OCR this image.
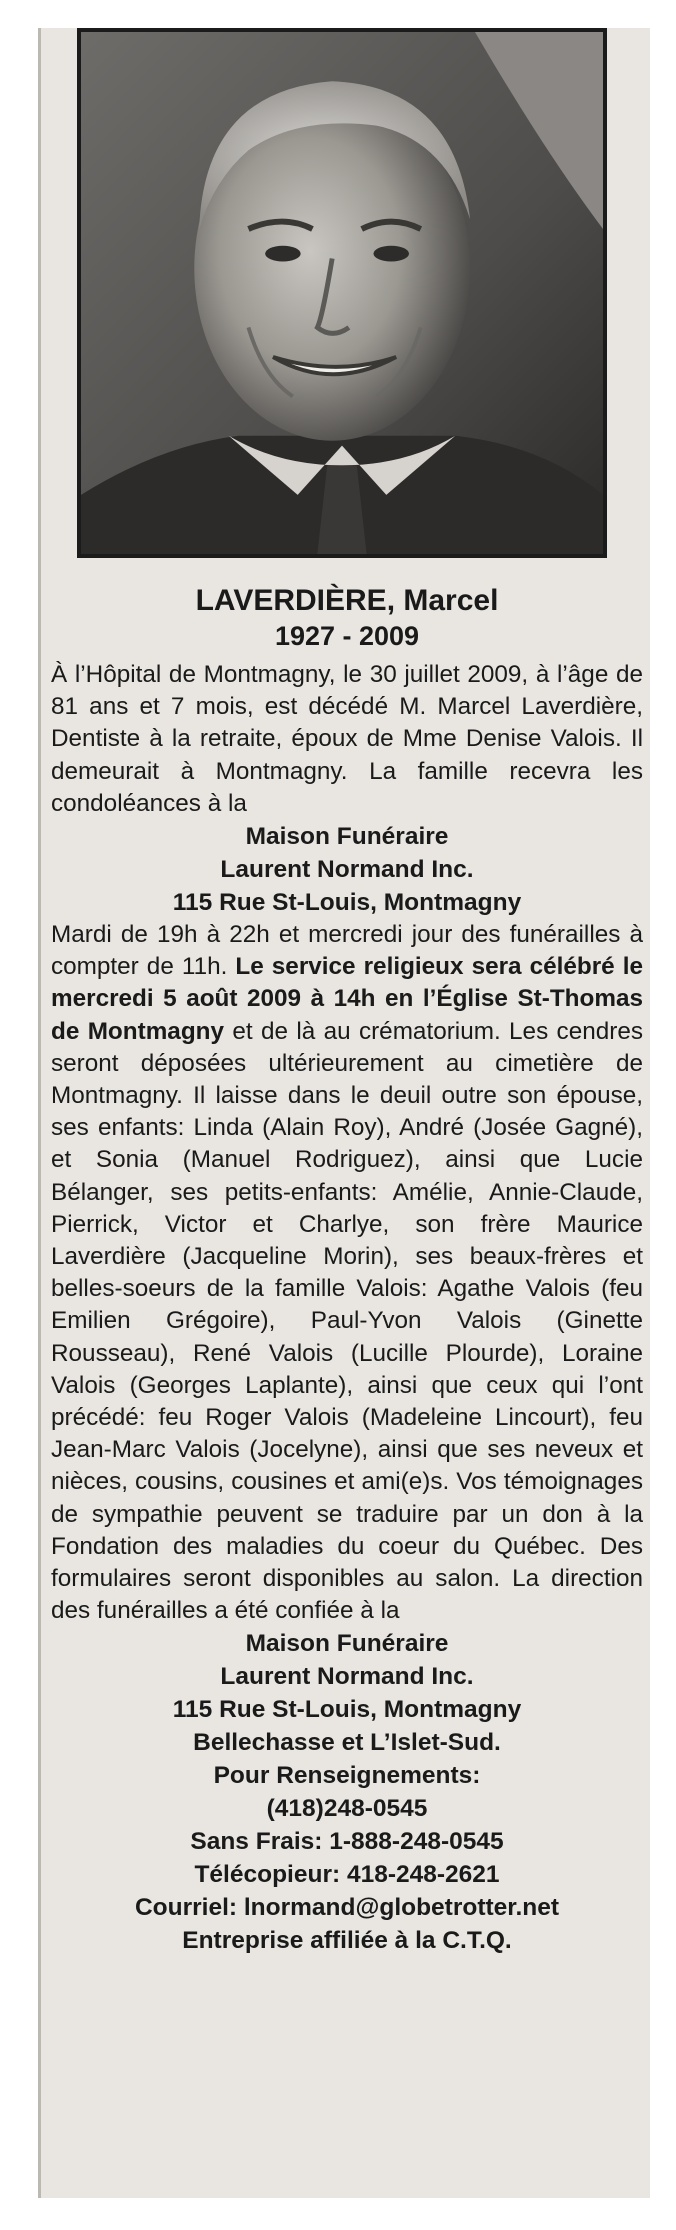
LAVERDIÈRE, Marcel

1927 - 2009

À l’Hôpital de Montmagny, le 30 juillet 2009, à l’âge de 81 ans et 7 mois, est décédé M. Marcel Laverdière, Dentiste à la retraite, époux de Mme Denise Valois. Il demeurait à Montmagny. La famille recevra les condoléances à la

Maison Funéraire

Laurent Normand Inc.

115 Rue St-Louis, Montmagny

Mardi de 19h à 22h et mercredi jour des funérailles à compter de 11h. Le service religieux sera célébré le mercredi 5 août 2009 à 14h en l’Église St-Thomas de Montmagny et de là au crématorium. Les cendres seront déposées ultérieurement au cimetière de Montmagny. Il laisse dans le deuil outre son épouse, ses enfants: Linda (Alain Roy), André (Josée Gagné), et Sonia (Manuel Rodriguez), ainsi que Lucie Bélanger, ses petits-enfants: Amélie, Annie-Claude, Pierrick, Victor et Charlye, son frère Maurice Laverdière (Jacqueline Morin), ses beaux-frères et belles-soeurs de la famille Valois: Agathe Valois (feu Emilien Grégoire), Paul-Yvon Valois (Ginette Rousseau), René Valois (Lucille Plourde), Loraine Valois (Georges Laplante), ainsi que ceux qui l’ont précédé: feu Roger Valois (Madeleine Lincourt), feu Jean-Marc Valois (Jocelyne), ainsi que ses neveux et nièces, cousins, cousines et ami(e)s. Vos témoignages de sympathie peuvent se traduire par un don à la Fondation des maladies du coeur du Québec. Des formulaires seront disponibles au salon. La direction des funérailles a été confiée à la

Maison Funéraire

Laurent Normand Inc.

115 Rue St-Louis, Montmagny

Bellechasse et L’Islet-Sud.

Pour Renseignements:

(418)248-0545

Sans Frais: 1-888-248-0545

Télécopieur: 418-248-2621

Courriel: lnormand@globetrotter.net

Entreprise affiliée à la C.T.Q.
